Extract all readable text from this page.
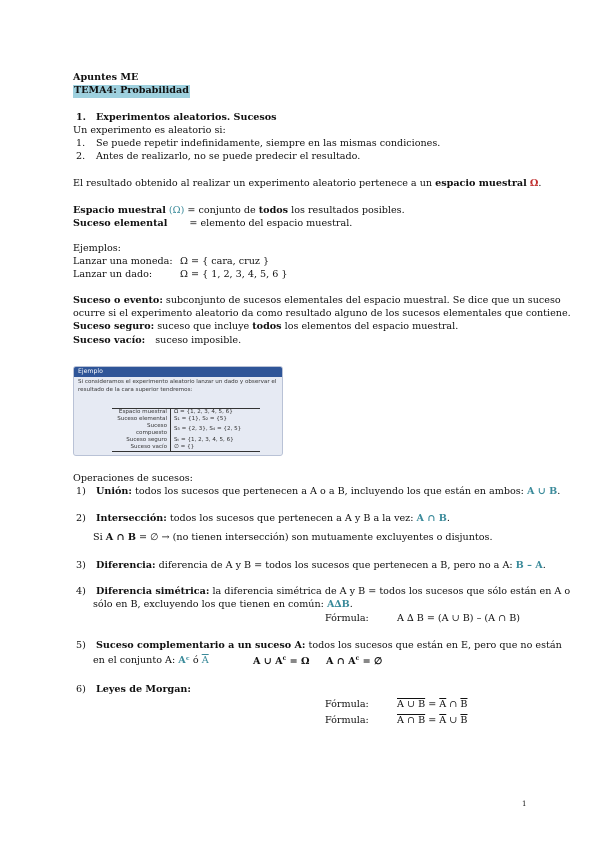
Apuntes ME
TEMA4: Probabilidad
1. Experimentos aleatorios. Sucesos
Un experimento es aleatorio si:
1. Se puede repetir indefinidamente, siempre en las mismas condiciones.
2. Antes de realizarlo, no se puede predecir el resultado.
El resultado obtenido al realizar un experimento aleatorio pertenece a un espacio muestral Ω.
Espacio muestral (Ω) = conjunto de todos los resultados posibles.
Suceso elemental = elemento del espacio muestral.
Ejemplos:
Lanzar una moneda: Ω = { cara, cruz }
Lanzar un dado:	Ω = { 1, 2, 3, 4, 5, 6 }
Suceso o evento: subconjunto de sucesos elementales del espacio muestral. Se dice que un suceso
ocurre si el experimento aleatorio da como resultado alguno de los sucesos elementales que contiene.
Suceso seguro: suceso que incluye todos los elementos del espacio muestral.
Suceso vacío: suceso imposible.
Ejemplo
Si consideramos el experimento aleatorio lanzar un dado y observar el
resultado de la cara superior tendremos:
Espacio muestral	Ω = {1, 2, 3, 4, 5, 6}
Suceso elemental	S₁ = {1}, S₂ = {5}
Suceso compuesto	S₃ = {2, 3}, S₄ = {2, 5}
Suceso seguro	Sₜ = {1, 2, 3, 4, 5, 6}
Suceso vacío	∅ = {}
Operaciones de sucesos:
1) Unión: todos los sucesos que pertenecen a A o a B, incluyendo los que están en ambos: A ∪ B.
2) Intersección: todos los sucesos que pertenecen a A y B a la vez: A ∩ B.
Si A ∩ B = ∅ → (no tienen intersección) son mutuamente excluyentes o disjuntos.
3) Diferencia: diferencia de A y B = todos los sucesos que pertenecen a B, pero no a A: B – A.
4) Diferencia simétrica: la diferencia simétrica de A y B = todos los sucesos que sólo están en A o
sólo en B, excluyendo los que tienen en común: A∆B.
Fórmula:	A ∆ B = (A ∪ B) – (A ∩ B)
5) Suceso complementario a un suceso A: todos los sucesos que están en E, pero que no están
en el conjunto A: Aᶜ ó $\overline{A}$	A ∪ $A^c = \Omega$ A ∩ $A^c$ = ∅
6) Leyes de Morgan:
Fórmula:	A ∪ $B = \overline{A}$ ∩ $\overline{B}$
Fórmula:	A ∩ $B = \overline{A}$ ∪ $\overline{B}$
1
